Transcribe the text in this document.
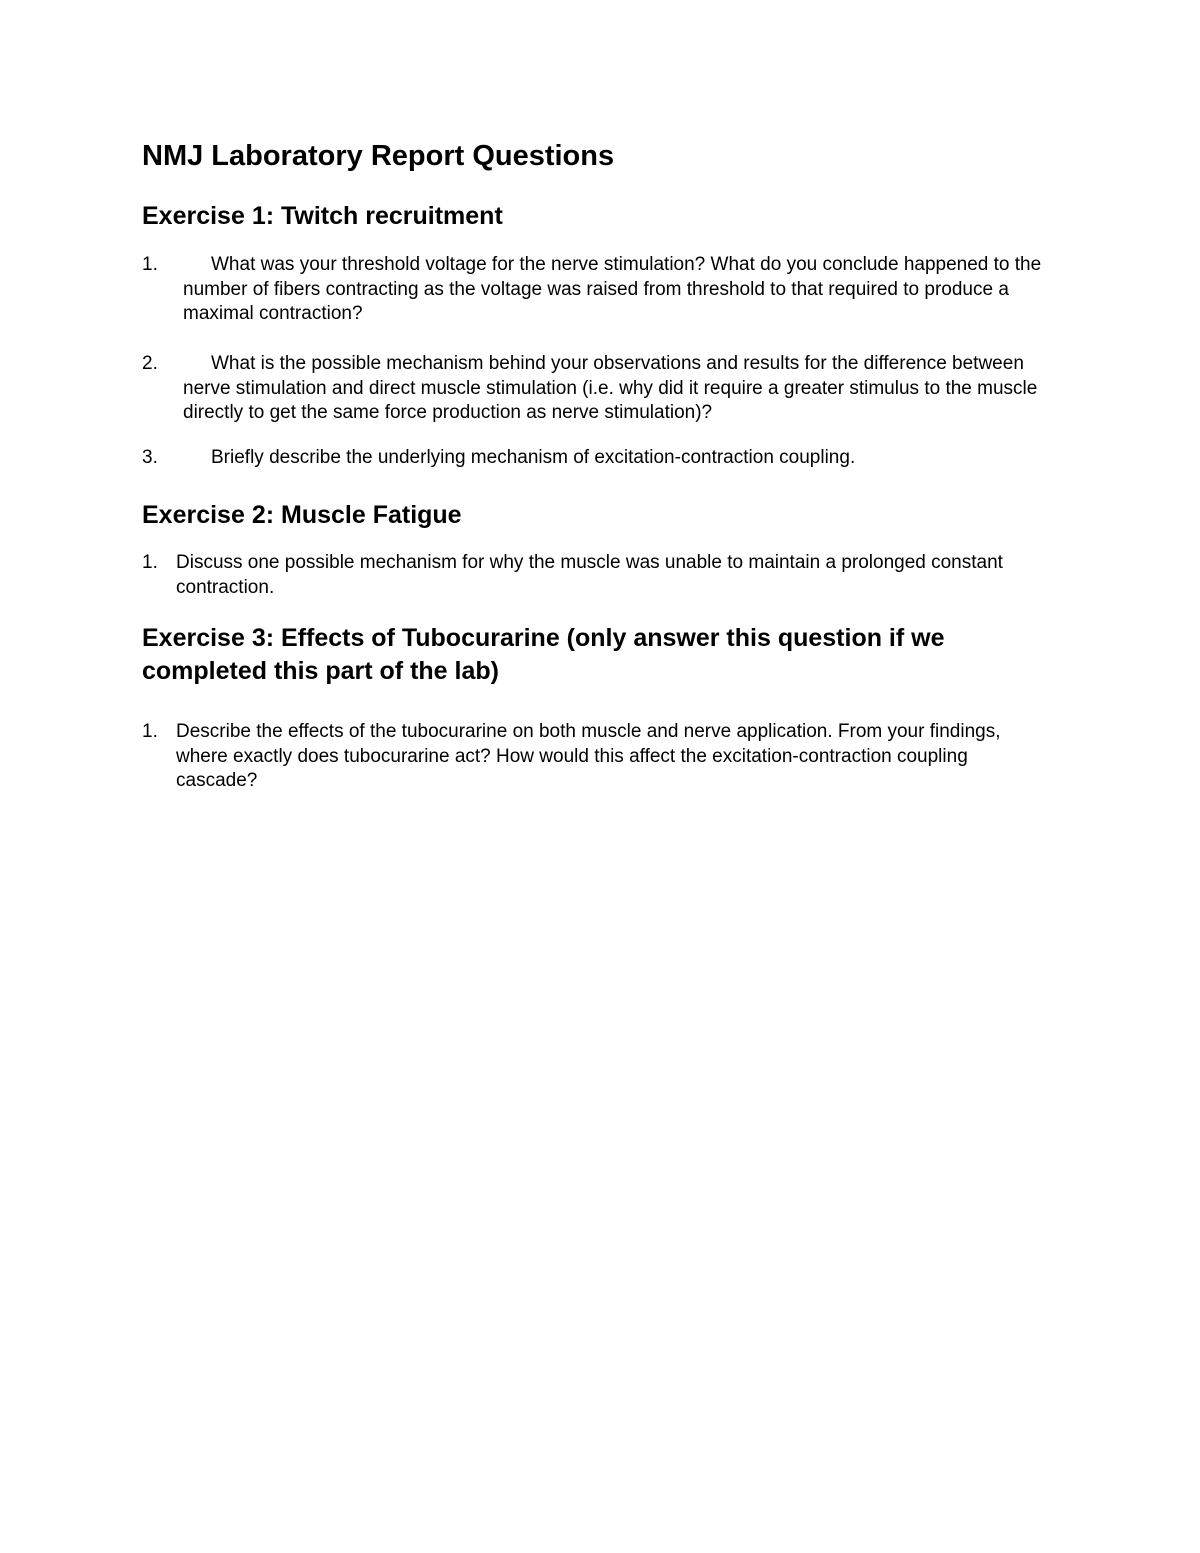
NMJ Laboratory Report Questions
Exercise 1: Twitch recruitment
1.	What was your threshold voltage for the nerve stimulation? What do you conclude happened to the number of fibers contracting as the voltage was raised from threshold to that required to produce a maximal contraction?
2.	What is the possible mechanism behind your observations and results for the difference between nerve stimulation and direct muscle stimulation (i.e. why did it require a greater stimulus to the muscle directly to get the same force production as nerve stimulation)?
3.	Briefly describe the underlying mechanism of excitation-contraction coupling.
Exercise 2: Muscle Fatigue
1. Discuss one possible mechanism for why the muscle was unable to maintain a prolonged constant contraction.
Exercise 3: Effects of Tubocurarine (only answer this question if we completed this part of the lab)
1. Describe the effects of the tubocurarine on both muscle and nerve application. From your findings, where exactly does tubocurarine act? How would this affect the excitation-contraction coupling cascade?
